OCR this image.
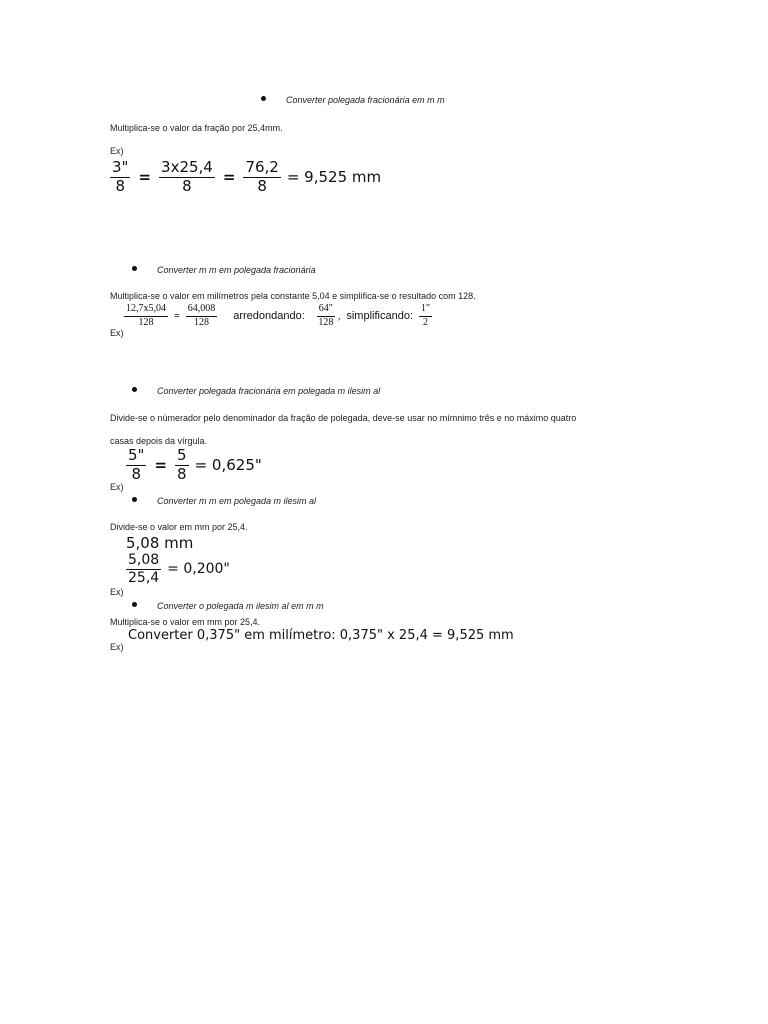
Converter polegada fracionária em m m
Multiplica-se o valor da fração por 25,4mm.
Ex)
$\frac{3"}{8} = \frac{3x25,4}{8} = \frac{76,2}{8} = 9,525$ mm
Converter m m em polegada fracionária
Multiplica-se o valor em milímetros pela constante 5,04 e simplifica-se o resultado com 128.
$\frac{12,7x5,04}{128} = \frac{64,008}{128}$ arredondando: $\frac{64"}{128}$ , simplificando: $\frac{1"}{2}$
Ex)
Converter polegada fracionária em polegada m ilesim al
Divide-se o númerador pelo denominador da fração de polegada, deve-se usar no mímnimo três e no máximo quatro
casas depois da vírgula.
$\frac{5"}{8} = \frac{5}{8} = 0,625$"
Ex)
Converter m m em polegada m ilesim al
Divide-se o valor em mm por 25,4.
5,08 mm
$\frac{5,08}{25,4} = 0,200$"
Ex)
Converter o polegada m ilesim al em m m
Multiplica-se o valor em mm por 25,4.
Converter 0,375" em milímetro: 0,375" x 25,4 = 9,525 mm
Ex)
